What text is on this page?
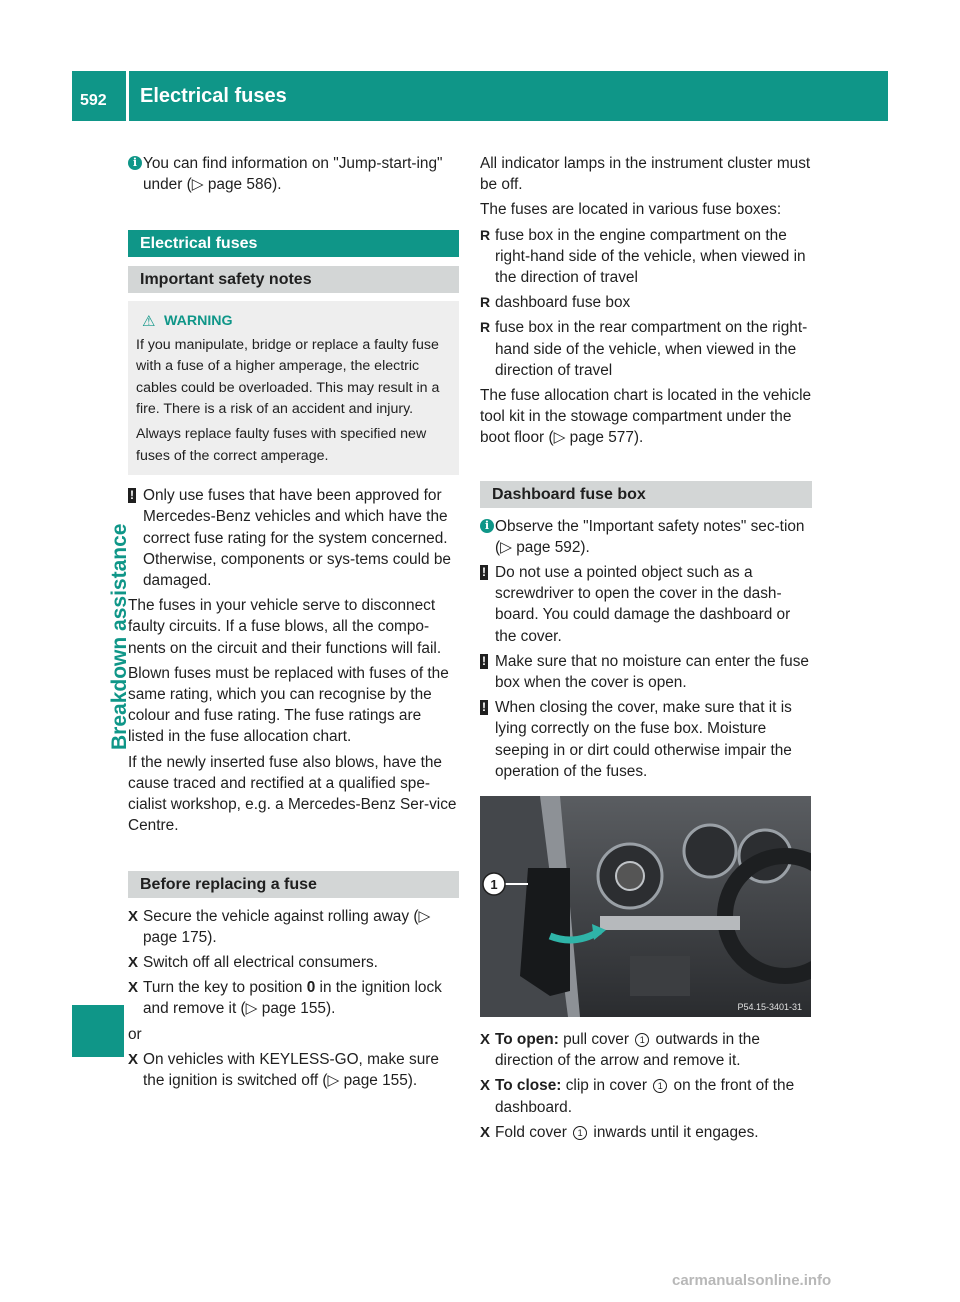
592 Electrical fuses
Breakdown assistance

i You can find information on "Jump-start-ing" under (▷ page 586).

Electrical fuses
Important safety notes
⚠ WARNING

If you manipulate, bridge or replace a faulty fuse with a fuse of a higher amperage, the electric cables could be overloaded. This may result in a fire. There is a risk of an accident and injury.

Always replace faulty fuses with specified new fuses of the correct amperage.

! Only use fuses that have been approved for Mercedes-Benz vehicles and which have the correct fuse rating for the system concerned. Otherwise, components or sys-tems could be damaged.

The fuses in your vehicle serve to disconnect faulty circuits. If a fuse blows, all the compo-nents on the circuit and their functions will fail.

Blown fuses must be replaced with fuses of the same rating, which you can recognise by the colour and fuse rating. The fuse ratings are listed in the fuse allocation chart.

If the newly inserted fuse also blows, have the cause traced and rectified at a qualified spe-cialist workshop, e.g. a Mercedes-Benz Ser-vice Centre.

Before replacing a fuse

X Secure the vehicle against rolling away (▷ page 175).

X Switch off all electrical consumers.

X Turn the key to position 0 in the ignition lock and remove it (▷ page 155).

or

X On vehicles with KEYLESS-GO, make sure the ignition is switched off (▷ page 155).

All indicator lamps in the instrument cluster must be off.

The fuses are located in various fuse boxes:

R fuse box in the engine compartment on the right-hand side of the vehicle, when viewed in the direction of travel

R dashboard fuse box

R fuse box in the rear compartment on the right-hand side of the vehicle, when viewed in the direction of travel

The fuse allocation chart is located in the vehicle tool kit in the stowage compartment under the boot floor (▷ page 577).

Dashboard fuse box

i Observe the "Important safety notes" sec-tion (▷ page 592).

! Do not use a pointed object such as a screwdriver to open the cover in the dash-board. You could damage the dashboard or the cover.

! Make sure that no moisture can enter the fuse box when the cover is open.

! When closing the cover, make sure that it is lying correctly on the fuse box. Moisture seeping in or dirt could otherwise impair the operation of the fuses.

1
P54.15-3401-31

X To open: pull cover 1 outwards in the direction of the arrow and remove it.

X To close: clip in cover 1 on the front of the dashboard.

X Fold cover 1 inwards until it engages.

carmanualsonline.info
